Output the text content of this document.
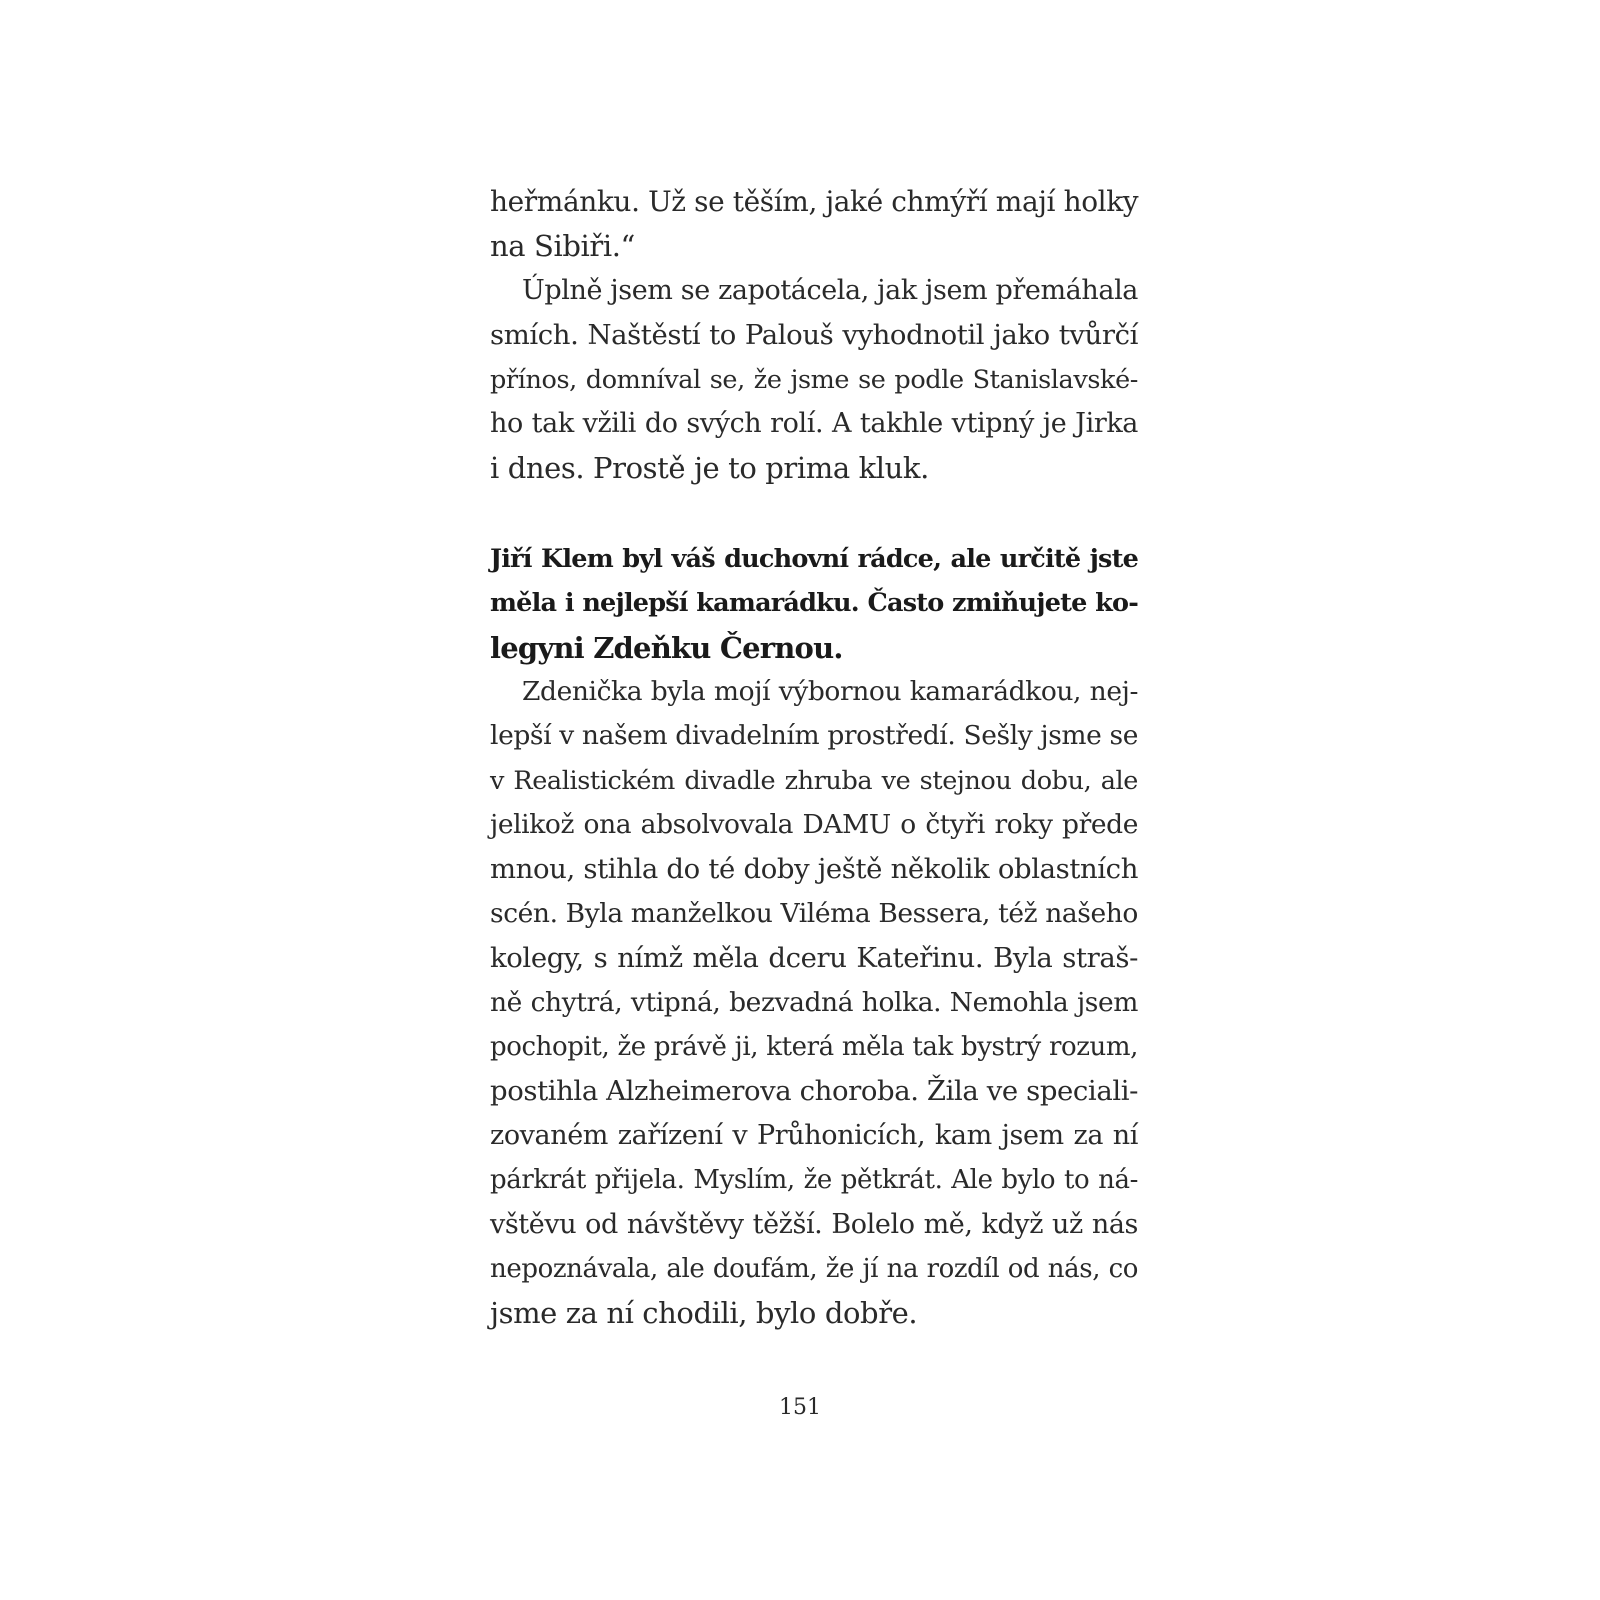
heřmánku. Už se těším, jaké chmýří mají holky
na Sibiři.“
Úplně jsem se zapotácela, jak jsem přemáhala
smích. Naštěstí to Palouš vyhodnotil jako tvůrčí
přínos, domníval se, že jsme se podle Stanislavské-
ho tak vžili do svých rolí. A takhle vtipný je Jirka
i dnes. Prostě je to prima kluk.
Jiří Klem byl váš duchovní rádce, ale určitě jste
měla i nejlepší kamarádku. Často zmiňujete ko-
legyni Zdeňku Černou.
Zdenička byla mojí výbornou kamarádkou, nej-
lepší v našem divadelním prostředí. Sešly jsme se
v Realistickém divadle zhruba ve stejnou dobu, ale
jelikož ona absolvovala DAMU o čtyři roky přede
mnou, stihla do té doby ještě několik oblastních
scén. Byla manželkou Viléma Bessera, též našeho
kolegy, s nímž měla dceru Kateřinu. Byla straš-
ně chytrá, vtipná, bezvadná holka. Nemohla jsem
pochopit, že právě ji, která měla tak bystrý rozum,
postihla Alzheimerova choroba. Žila ve speciali-
zovaném zařízení v Průhonicích, kam jsem za ní
párkrát přijela. Myslím, že pětkrát. Ale bylo to ná-
vštěvu od návštěvy těžší. Bolelo mě, když už nás
nepoznávala, ale doufám, že jí na rozdíl od nás, co
jsme za ní chodili, bylo dobře.
151
